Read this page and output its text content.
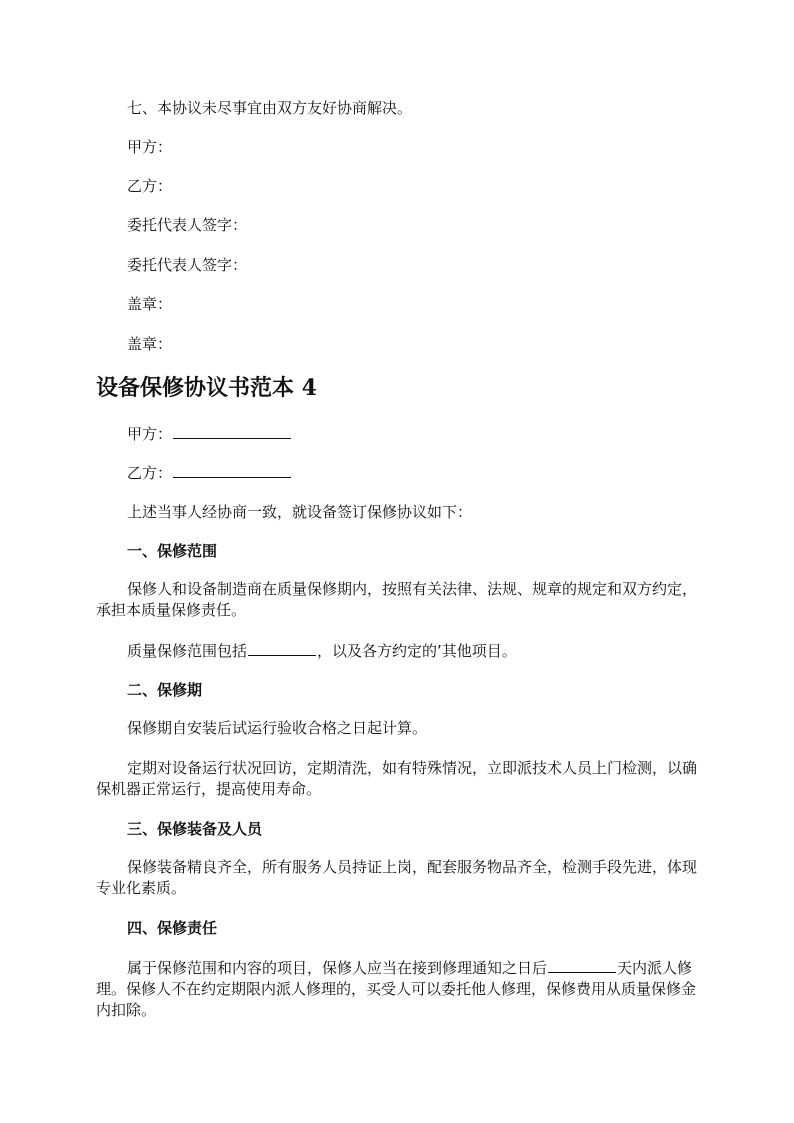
七、本协议未尽事宜由双方友好协商解决。
甲方：
乙方：
委托代表人签字：
委托代表人签字：
盖章：
盖章：
设备保修协议书范本 4
甲方：
乙方：
上述当事人经协商一致，就设备签订保修协议如下：
一、保修范围
保修人和设备制造商在质量保修期内，按照有关法律、法规、规章的规定和双方约定，承担本质量保修责任。
质量保修范围包括	，以及各方约定的’其他项目。
二、保修期
保修期自安装后试运行验收合格之日起计算。
定期对设备运行状况回访，定期清洗，如有特殊情况，立即派技术人员上门检测，以确保机器正常运行，提高使用寿命。
三、保修装备及人员
保修装备精良齐全，所有服务人员持证上岗，配套服务物品齐全，检测手段先进，体现专业化素质。
四、保修责任
属于保修范围和内容的项目，保修人应当在接到修理通知之日后	天内派人修理。保修人不在约定期限内派人修理的，买受人可以委托他人修理，保修费用从质量保修金内扣除。
